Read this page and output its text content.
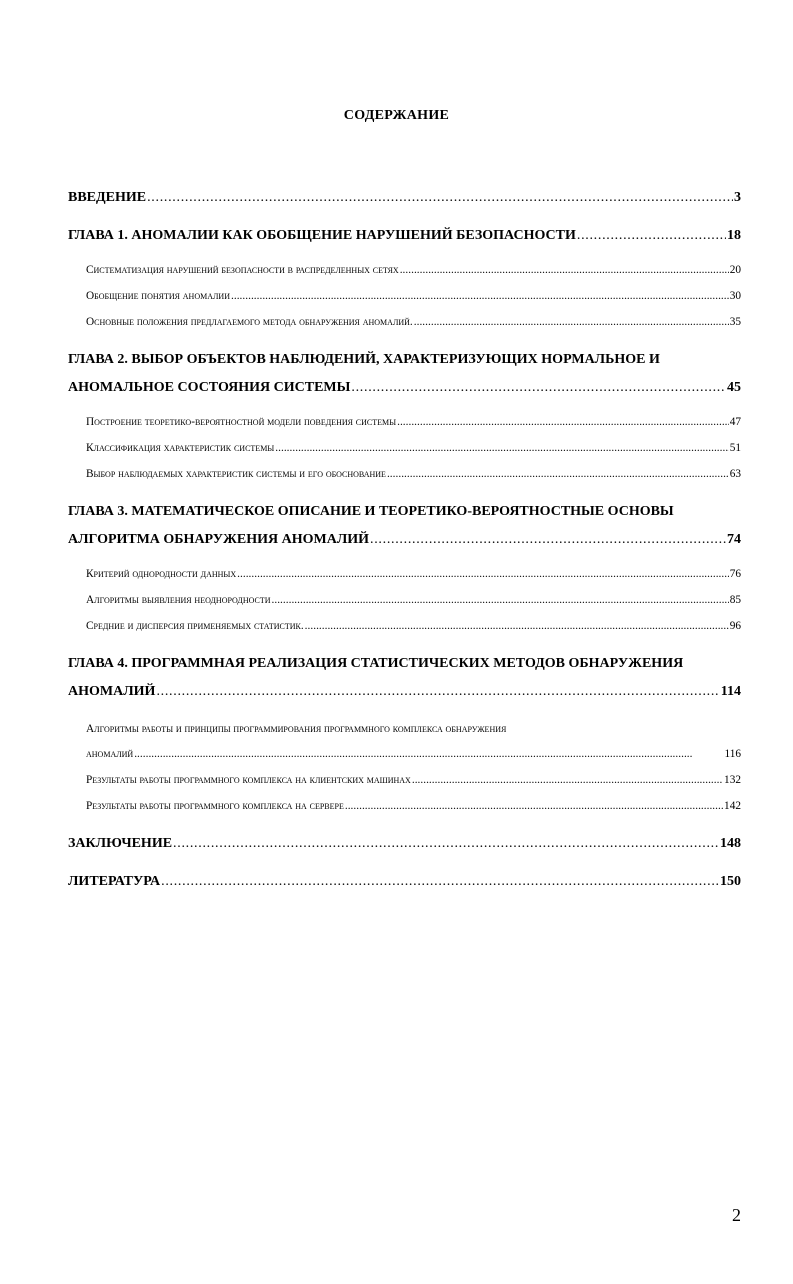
СОДЕРЖАНИЕ
ВВЕДЕНИЕ . . .	3
ГЛАВА 1. АНОМАЛИИ КАК ОБОБЩЕНИЕ НАРУШЕНИЙ БЕЗОПАСНОСТИ . . .	18
Систематизация нарушений безопасности в распределенных сетях . . .	20
Обобщение понятия аномалии . . .	30
Основные положения предлагаемого метода обнаружения аномалий. . . .	35
ГЛАВА 2. ВЫБОР ОБЪЕКТОВ НАБЛЮДЕНИЙ, ХАРАКТЕРИЗУЮЩИХ НОРМАЛЬНОЕ И
АНОМАЛЬНОЕ СОСТОЯНИЯ СИСТЕМЫ . . .	45
Построение теоретико-вероятностной модели поведения системы . . .	47
Классификация характеристик системы . . .	51
Выбор наблюдаемых характеристик системы и его обоснование . . .	63
ГЛАВА 3. МАТЕМАТИЧЕСКОЕ ОПИСАНИЕ И ТЕОРЕТИКО-ВЕРОЯТНОСТНЫЕ ОСНОВЫ
АЛГОРИТМА ОБНАРУЖЕНИЯ АНОМАЛИЙ . . .	74
Критерий однородности данных . . .	76
Алгоритмы выявления неоднородности . . .	85
Средние и дисперсия применяемых статистик. . . .	96
ГЛАВА 4. ПРОГРАММНАЯ РЕАЛИЗАЦИЯ СТАТИСТИЧЕСКИХ МЕТОДОВ ОБНАРУЖЕНИЯ
АНОМАЛИЙ . . .	114
Алгоритмы работы и принципы программирования программного комплекса обнаружения
аномалий . . .	116
Результаты работы программного комплекса на клиентских машинах . . .	132
Результаты работы программного комплекса на сервере . . .	142
ЗАКЛЮЧЕНИЕ . . .	148
ЛИТЕРАТУРА . . .	150
2
